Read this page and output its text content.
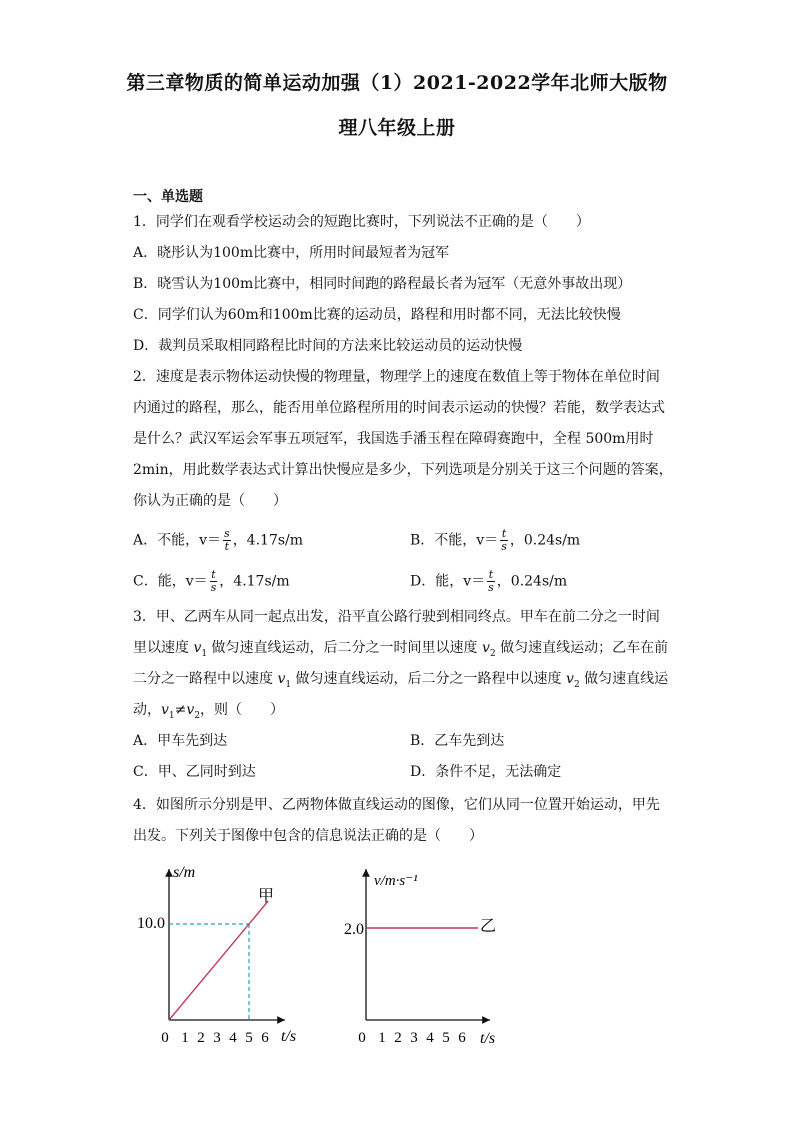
第三章物质的简单运动加强（1）2021-2022学年北师大版物
理八年级上册
一、单选题
1．同学们在观看学校运动会的短跑比赛时，下列说法不正确的是（　　）
A．晓彤认为100m比赛中，所用时间最短者为冠军
B．晓雪认为100m比赛中，相同时间跑的路程最长者为冠军（无意外事故出现）
C．同学们认为60m和100m比赛的运动员，路程和用时都不同，无法比较快慢
D．裁判员采取相同路程比时间的方法来比较运动员的运动快慢
2．速度是表示物体运动快慢的物理量，物理学上的速度在数值上等于物体在单位时间
内通过的路程，那么，能否用单位路程所用的时间表示运动的快慢？若能，数学表达式
是什么？武汉军运会军事五项冠军，我国选手潘玉程在障碍赛跑中，全程 500m用时
2min，用此数学表达式计算出快慢应是多少，下列选项是分别关于这三个问题的答案，
你认为正确的是（　　）
A．不能，$v= \frac{s}{t}$ ，4.17s/m	B．不能，$v= \frac{t}{s}$ ，0.24s/m
C．能，$v= \frac{t}{s}$ ，4.17s/m	D．能，$v= \frac{t}{s}$ ，0.24s/m
3．甲、乙两车从同一起点出发，沿平直公路行驶到相同终点。甲车在前二分之一时间
里以速度 $v_1$ 做匀速直线运动，后二分之一时间里以速度 $v_2$ 做匀速直线运动；乙车在前
二分之一路程中以速度 $v_1$ 做匀速直线运动，后二分之一路程中以速度 $v_2$ 做匀速直线运
动，$v_1\ne v_2$，则（　　）
A．甲车先到达	B．乙车先到达
C．甲、乙同时到达	D．条件不足，无法确定
4．如图所示分别是甲、乙两物体做直线运动的图像，它们从同一位置开始运动，甲先
出发。下列关于图像中包含的信息说法正确的是（　　）
s/m
t/s
10.0
0 1 2 3 4 5 6
甲
v/m·s⁻¹
t/s
2.0
0 1 2 3 4 5 6
乙
